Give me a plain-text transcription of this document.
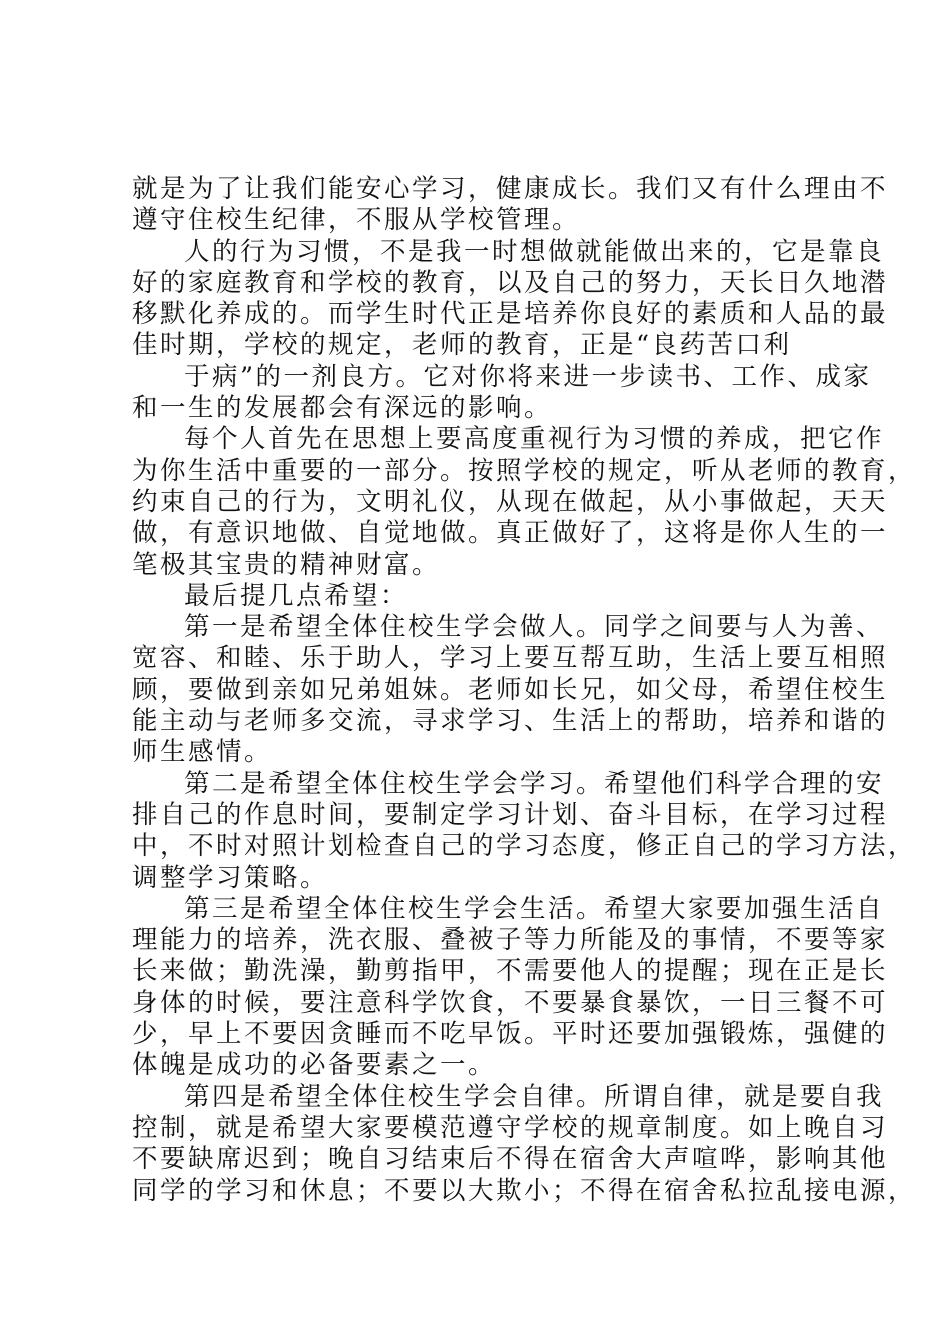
就是为了让我们能安心学习，健康成长。我们又有什么理由不
遵守住校生纪律，不服从学校管理。
人的行为习惯，不是我一时想做就能做出来的，它是靠良
好的家庭教育和学校的教育，以及自己的努力，天长日久地潜
移默化养成的。而学生时代正是培养你良好的素质和人品的最
佳时期，学校的规定，老师的教育，正是“良药苦口利
于病”的一剂良方。它对你将来进一步读书、工作、成家
和一生的发展都会有深远的影响。
每个人首先在思想上要高度重视行为习惯的养成，把它作
为你生活中重要的一部分。按照学校的规定，听从老师的教育，
约束自己的行为，文明礼仪，从现在做起，从小事做起，天天
做，有意识地做、自觉地做。真正做好了，这将是你人生的一
笔极其宝贵的精神财富。
最后提几点希望：
第一是希望全体住校生学会做人。同学之间要与人为善、
宽容、和睦、乐于助人，学习上要互帮互助，生活上要互相照
顾，要做到亲如兄弟姐妹。老师如长兄，如父母，希望住校生
能主动与老师多交流，寻求学习、生活上的帮助，培养和谐的
师生感情。
第二是希望全体住校生学会学习。希望他们科学合理的安
排自己的作息时间，要制定学习计划、奋斗目标，在学习过程
中，不时对照计划检查自己的学习态度，修正自己的学习方法，
调整学习策略。
第三是希望全体住校生学会生活。希望大家要加强生活自
理能力的培养，洗衣服、叠被子等力所能及的事情，不要等家
长来做；勤洗澡，勤剪指甲，不需要他人的提醒；现在正是长
身体的时候，要注意科学饮食，不要暴食暴饮，一日三餐不可
少，早上不要因贪睡而不吃早饭。平时还要加强锻炼，强健的
体魄是成功的必备要素之一。
第四是希望全体住校生学会自律。所谓自律，就是要自我
控制，就是希望大家要模范遵守学校的规章制度。如上晚自习
不要缺席迟到；晚自习结束后不得在宿舍大声喧哗，影响其他
同学的学习和休息；不要以大欺小；不得在宿舍私拉乱接电源，
